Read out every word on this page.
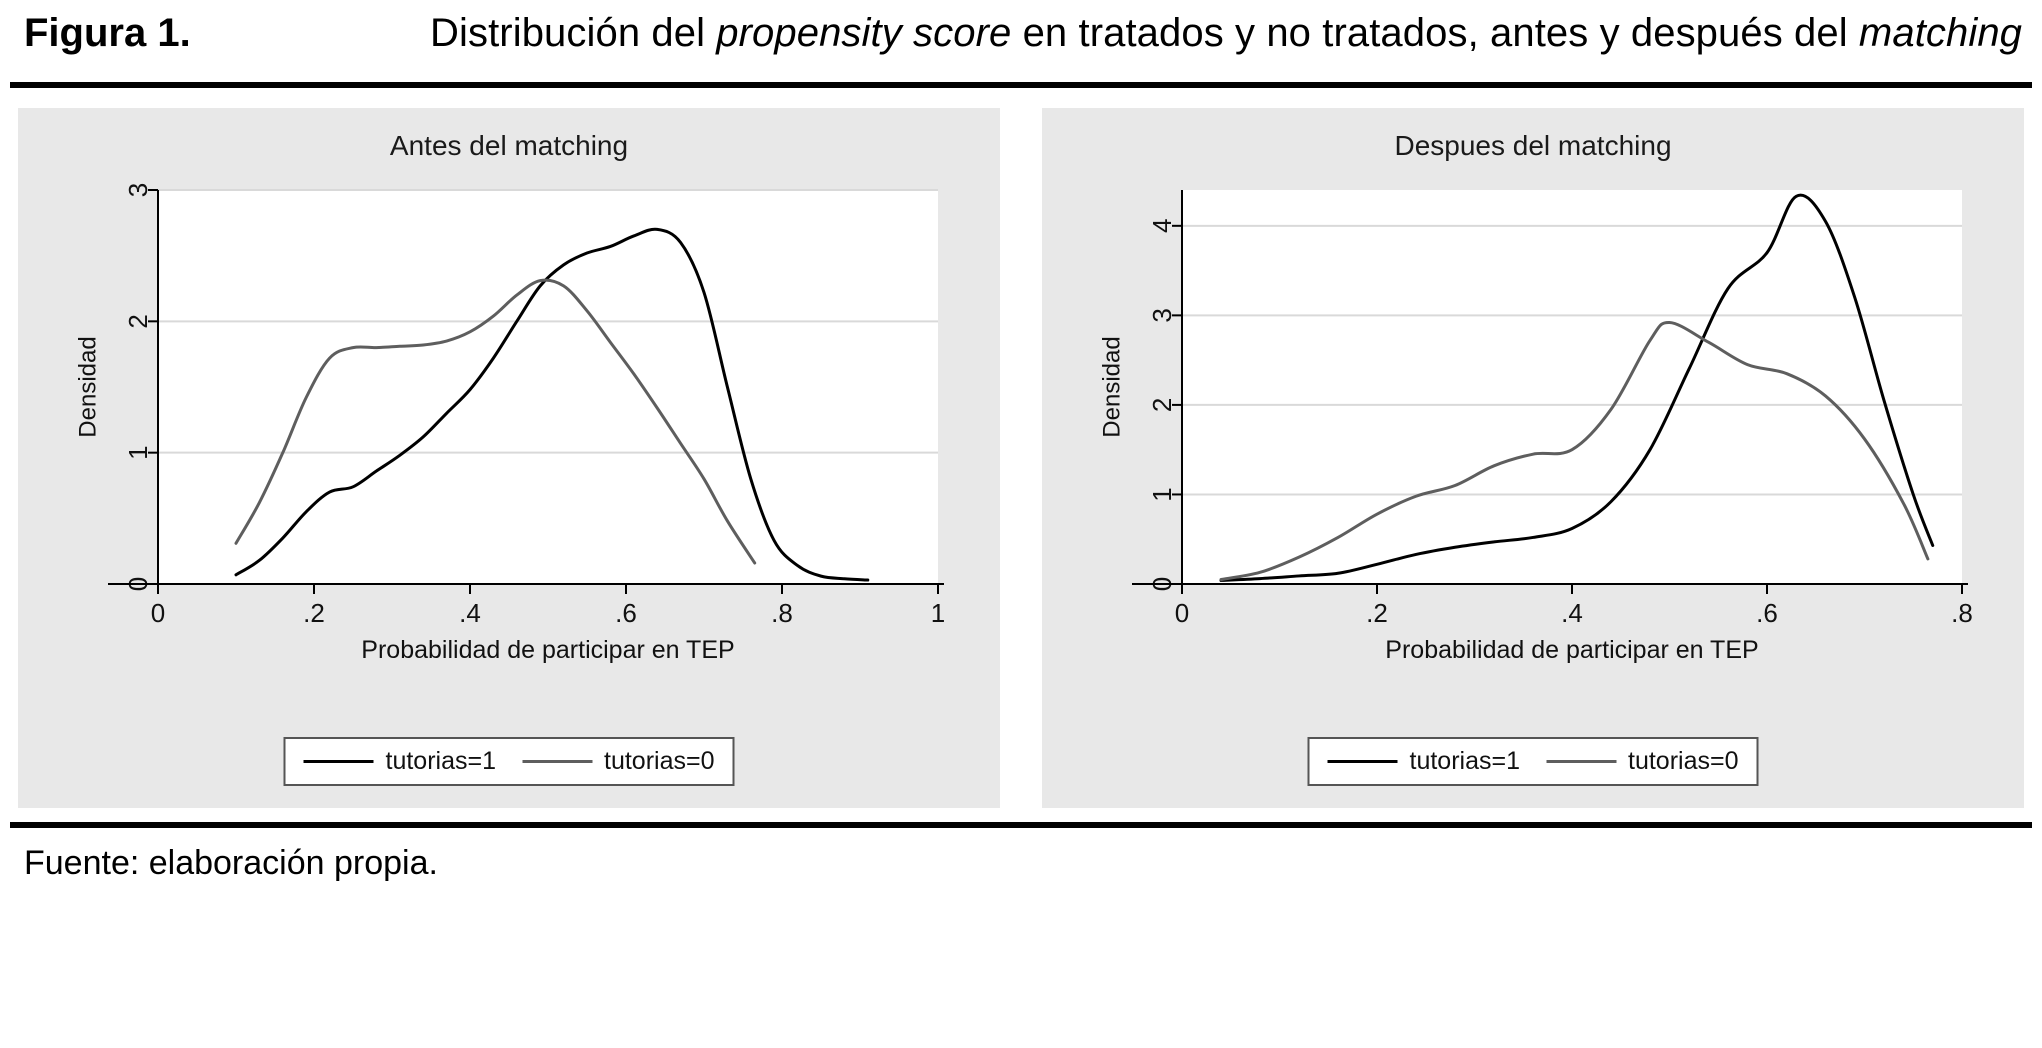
Figura 1.	Distribución del propensity score en tratados y no tratados, antes y después del matching
Antes del matching
0
1
2
3
Densidad
0	.2	.4	.6	.8	1
Probabilidad de participar en TEP
tutorias=1	tutorias=0
Despues del matching
0
1
2
3
4
Densidad
0	.2	.4	.6	.8
Probabilidad de participar en TEP
tutorias=1	tutorias=0
Fuente: elaboración propia.
